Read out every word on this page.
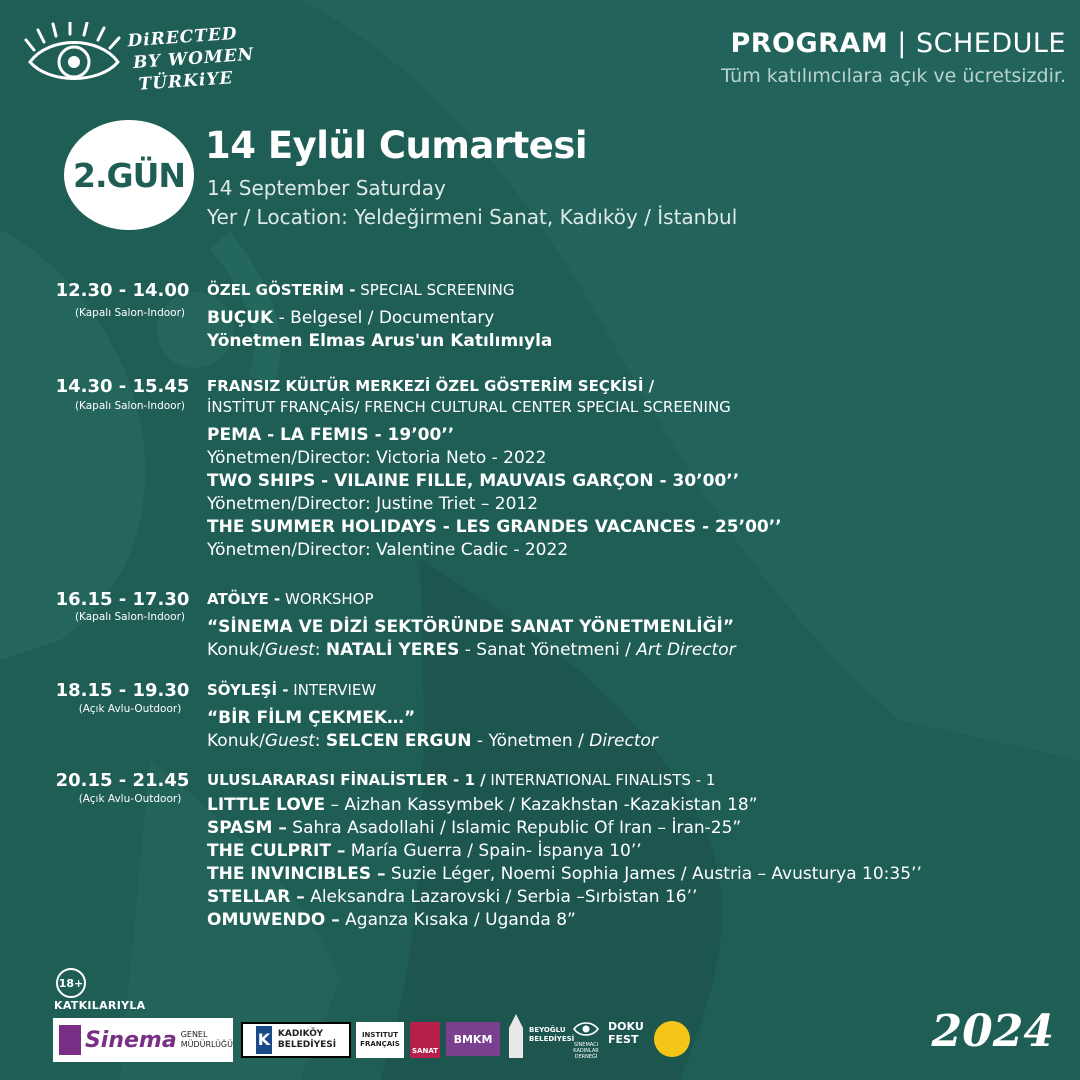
DiRECTED
BY WOMEN
TÜRKiYE
PROGRAM | SCHEDULE
Tüm katılımcılara açık ve ücretsizdir.
2.GÜN
14 Eylül Cumartesi
14 September Saturday
Yer / Location: Yeldeğirmeni Sanat, Kadıköy / İstanbul
12.30 - 14.00
(Kapalı Salon-Indoor)
ÖZEL GÖSTERİM - SPECIAL SCREENING
BUÇUK - Belgesel / Documentary
Yönetmen Elmas Arus'un Katılımıyla
14.30 - 15.45
(Kapalı Salon-Indoor)
FRANSIZ KÜLTÜR MERKEZİ ÖZEL GÖSTERİM SEÇKİSİ /
İNSTİTUT FRANÇAİS/ FRENCH CULTURAL CENTER SPECIAL SCREENING
PEMA - LA FEMIS - 19’00’’
Yönetmen/Director: Victoria Neto - 2022
TWO SHIPS - VILAINE FILLE, MAUVAIS GARÇON - 30’00’’
Yönetmen/Director: Justine Triet – 2012
THE SUMMER HOLIDAYS - LES GRANDES VACANCES - 25’00’’
Yönetmen/Director: Valentine Cadic - 2022
16.15 - 17.30
(Kapalı Salon-Indoor)
ATÖLYE - WORKSHOP
“SİNEMA VE DİZİ SEKTÖRÜNDE SANAT YÖNETMENLİĞİ”
Konuk/Guest: NATALİ YERES - Sanat Yönetmeni / Art Director
18.15 - 19.30
(Açık Avlu-Outdoor)
SÖYLEŞİ - INTERVIEW
“BİR FİLM ÇEKMEK…”
Konuk/Guest: SELCEN ERGUN - Yönetmen / Director
20.15 - 21.45
(Açık Avlu-Outdoor)
ULUSLARARASI FİNALİSTLER - 1 / INTERNATIONAL FINALISTS - 1
LITTLE LOVE – Aizhan Kassymbek / Kazakhstan -Kazakistan 18”
SPASM – Sahra Asadollahi / Islamic Republic Of Iran – İran-25”
THE CULPRIT – María Guerra / Spain- İspanya 10’’
THE INVINCIBLES – Suzie Léger, Noemi Sophia James / Austria – Avusturya 10:35’’
STELLAR – Aleksandra Lazarovski / Serbia –Sırbistan 16’’
OMUWENDO – Aganza Kısaka / Uganda 8”
18+
KATKILARIYLA
Sinema GENEL
MÜDÜRLÜĞÜ K KADIKÖY
BELEDİYESİ
INSTITUT FRANÇAIS
SANAT
BMKM
BEYOĞLU BELEDİYESİ
SİNEMACI KADINLAR DERNEĞİ
DOKU
FEST	2024
